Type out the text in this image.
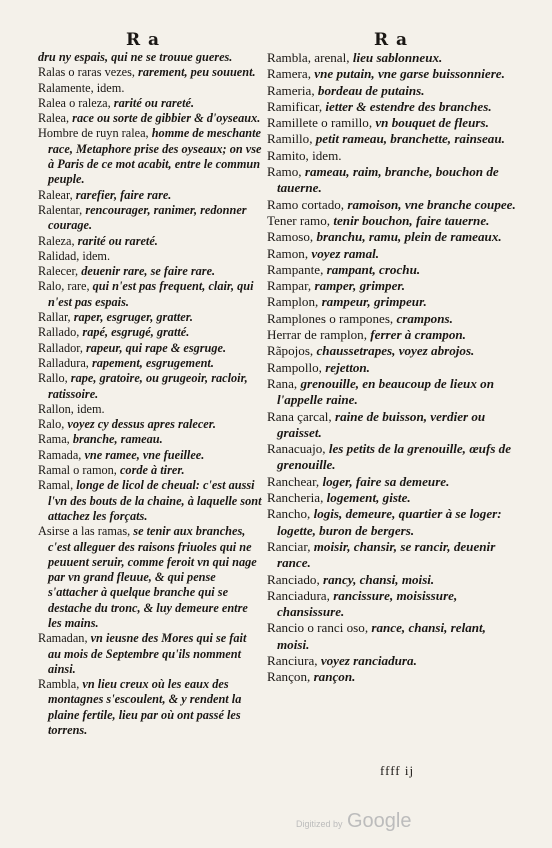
R a	R a

dru ny espais, qui ne se trouue gueres.

Ralas o raras vezes, rarement, peu souuent.

Ralamente, idem.

Ralea o raleza, rarité ou rareté.

Ralea, race ou sorte de gibbier & d'oyseaux.

Hombre de ruyn ralea, homme de meschante race, Metaphore prise des oyseaux; on vse à Paris de ce mot acabit, entre le commun peuple.

Ralear, rarefier, faire rare.

Ralentar, rencourager, ranimer, redonner courage.

Raleza, rarité ou rareté.

Ralidad, idem.

Ralecer, deuenir rare, se faire rare.

Ralo, rare, qui n'est pas frequent, clair, qui n'est pas espais.

Rallar, raper, esgruger, gratter.

Rallado, rapé, esgrugé, gratté.

Rallador, rapeur, qui rape & esgruge.

Ralladura, rapement, esgrugement.

Rallo, rape, gratoire, ou grugeoir, racloir, ratissoire.

Rallon, idem.

Ralo, voyez cy dessus apres ralecer.

Rama, branche, rameau.

Ramada, vne ramee, vne fueillee.

Ramal o ramon, corde à tirer.

Ramal, longe de licol de cheual: c'est aussi l'vn des bouts de la chaine, à laquelle sont attachez les forçats.

Asirse a las ramas, se tenir aux branches, c'est alleguer des raisons friuoles qui ne peuuent seruir, comme feroit vn qui nage par vn grand fleuue, & qui pense s'attacher à quelque branche qui se destache du tronc, & luy demeure entre les mains.

Ramadan, vn ieusne des Mores qui se fait au mois de Septembre qu'ils nomment ainsi.

Rambla, vn lieu creux où les eaux des montagnes s'escoulent, & y rendent la plaine fertile, lieu par où ont passé les torrens.

Rambla, arenal, lieu sablonneux.

Ramera, vne putain, vne garse buissonniere.

Rameria, bordeau de putains.

Ramificar, ietter & estendre des branches.

Ramillete o ramillo, vn bouquet de fleurs.

Ramillo, petit rameau, branchette, rainseau.

Ramito, idem.

Ramo, rameau, raim, branche, bouchon de tauerne.

Ramo cortado, ramoison, vne branche coupee.

Tener ramo, tenir bouchon, faire tauerne.

Ramoso, branchu, ramu, plein de rameaux.

Ramon, voyez ramal.

Rampante, rampant, crochu.

Rampar, ramper, grimper.

Ramplon, rampeur, grimpeur.

Ramplones o rampones, crampons.

Herrar de ramplon, ferrer à crampon.

Rãpojos, chaussetrapes, voyez abrojos.

Rampollo, rejetton.

Rana, grenouille, en beaucoup de lieux on l'appelle raine.

Rana çarcal, raine de buisson, verdier ou graisset.

Ranacuajo, les petits de la grenouille, œufs de grenouille.

Ranchear, loger, faire sa demeure.

Rancheria, logement, giste.

Rancho, logis, demeure, quartier à se loger: logette, buron de bergers.

Ranciar, moisir, chansir, se rancir, deuenir rance.

Ranciado, rancy, chansi, moisi.

Ranciadura, rancissure, moisissure, chansissure.

Rancio o ranci oso, rance, chansi, relant, moisi.

Ranciura, voyez ranciadura.

Rançon, rançon.

ffff ij
Digitized by Google
